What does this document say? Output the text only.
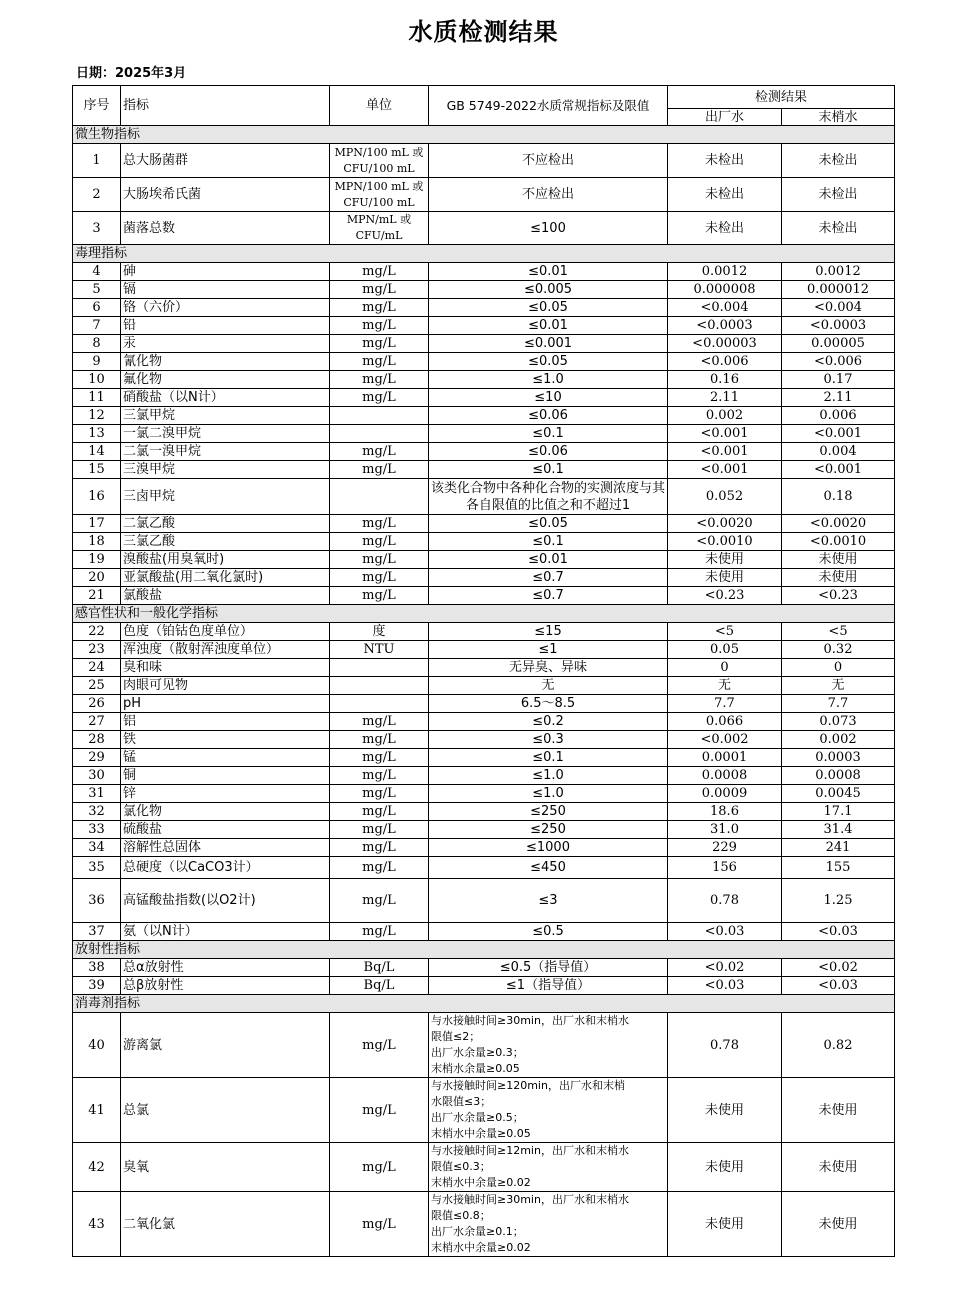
水质检测结果
日期：2025年3月
序号	指标	单位	GB 5749-2022水质常规指标及限值	检测结果	
				出厂水	末梢水
微生物指标					
1	总大肠菌群	MPN/100 mL 或 CFU/100 mL	不应检出	未检出	未检出
2	大肠埃希氏菌	MPN/100 mL 或 CFU/100 mL	不应检出	未检出	未检出
3	菌落总数	MPN/mL 或 CFU/mL	≤100	未检出	未检出
毒理指标					
4	砷	mg/L	≤0.01	0.0012	0.0012
5	镉	mg/L	≤0.005	0.000008	0.000012
6	铬（六价）	mg/L	≤0.05	<0.004	<0.004
7	铅	mg/L	≤0.01	<0.0003	<0.0003
8	汞	mg/L	≤0.001	<0.00003	0.00005
9	氰化物	mg/L	≤0.05	<0.006	<0.006
10	氟化物	mg/L	≤1.0	0.16	0.17
11	硝酸盐（以N计）	mg/L	≤10	2.11	2.11
12	三氯甲烷		≤0.06	0.002	0.006
13	一氯二溴甲烷		≤0.1	<0.001	<0.001
14	二氯一溴甲烷	mg/L	≤0.06	<0.001	0.004
15	三溴甲烷	mg/L	≤0.1	<0.001	<0.001
16	三卤甲烷		该类化合物中各种化合物的实测浓度与其各自限值的比值之和不超过1	0.052	0.18
17	二氯乙酸	mg/L	≤0.05	<0.0020	<0.0020
18	三氯乙酸	mg/L	≤0.1	<0.0010	<0.0010
19	溴酸盐(用臭氧时)	mg/L	≤0.01	未使用	未使用
20	亚氯酸盐(用二氧化氯时)	mg/L	≤0.7	未使用	未使用
21	氯酸盐	mg/L	≤0.7	<0.23	<0.23
感官性状和一般化学指标					
22	色度（铂钴色度单位）	度	≤15	<5	<5
23	浑浊度（散射浑浊度单位）	NTU	≤1	0.05	0.32
24	臭和味		无异臭、异味	0	0
25	肉眼可见物		无	无	无
26	pH		6.5～8.5	7.7	7.7
27	铝	mg/L	≤0.2	0.066	0.073
28	铁	mg/L	≤0.3	<0.002	0.002
29	锰	mg/L	≤0.1	0.0001	0.0003
30	铜	mg/L	≤1.0	0.0008	0.0008
31	锌	mg/L	≤1.0	0.0009	0.0045
32	氯化物	mg/L	≤250	18.6	17.1
33	硫酸盐	mg/L	≤250	31.0	31.4
34	溶解性总固体	mg/L	≤1000	229	241
35	总硬度（以CaCO3计）	mg/L	≤450	156	155
36	高锰酸盐指数(以O2计)	mg/L	≤3	0.78	1.25
37	氨（以N计）	mg/L	≤0.5	<0.03	<0.03
放射性指标					
38	总α放射性	Bq/L	≤0.5（指导值）	<0.02	<0.02
39	总β放射性	Bq/L	≤1（指导值）	<0.03	<0.03
消毒剂指标					
40	游离氯	mg/L	与水接触时间≥30min，出厂水和末梢水
限值≤2；
出厂水余量≥0.3；
末梢水余量≥0.05	0.78	0.82
41	总氯	mg/L	与水接触时间≥120min，出厂水和末梢
水限值≤3；
出厂水余量≥0.5；
末梢水中余量≥0.05	未使用	未使用
42	臭氧	mg/L	与水接触时间≥12min，出厂水和末梢水
限值≤0.3；
末梢水中余量≥0.02	未使用	未使用
43	二氧化氯	mg/L	与水接触时间≥30min，出厂水和末梢水
限值≤0.8；
出厂水余量≥0.1；
末梢水中余量≥0.02	未使用	未使用
